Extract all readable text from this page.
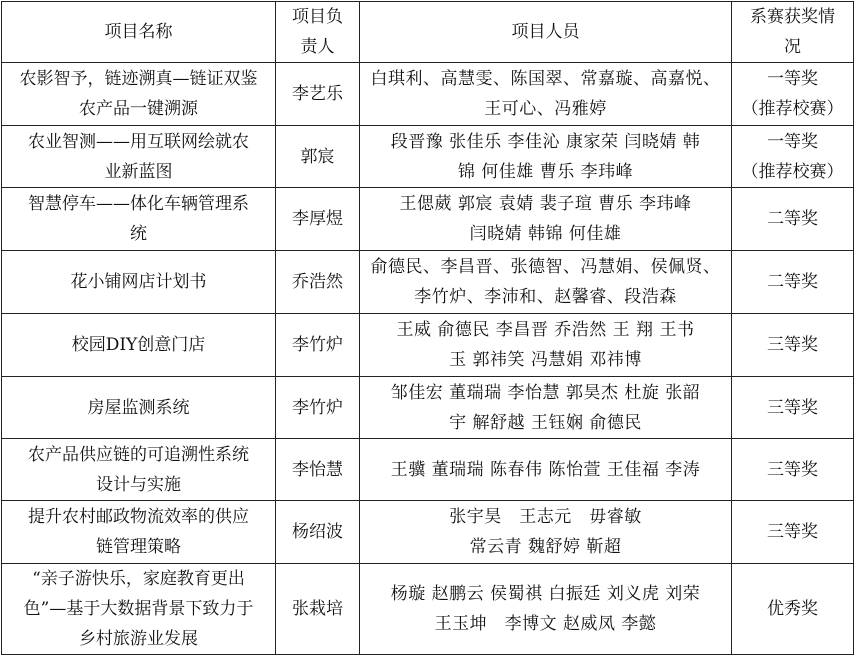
项目名称	项目负责人	项目人员	系赛获奖情况

农影智予，链迹溯真—链证双鉴
农产品一键溯源	李艺乐	白琪利、高慧雯、陈国翠、常嘉璇、高嘉悦、
王可心、冯雅婷	一等奖
（推荐校赛）

农业智测——用互联网绘就农
业新蓝图	郭宸	段晋豫 张佳乐 李佳沁 康家荣 闫晓婧 韩
锦 何佳雄 曹乐 李玮峰	一等奖
（推荐校赛）

智慧停车——体化车辆管理系
统	李厚煜	王偲葳 郭宸 袁婧 裴子瑄 曹乐 李玮峰
闫晓婧 韩锦 何佳雄	二等奖

花小铺网店计划书	乔浩然	俞德民、李昌晋、张德智、冯慧娟、侯佩贤、
李竹炉、李沛和、赵馨睿、段浩森	二等奖

校园DIY创意门店	李竹炉	王威 俞德民 李昌晋 乔浩然 王 翔 王书
玉 郭祎笑 冯慧娟 邓祎博	三等奖

房屋监测系统	李竹炉	邹佳宏 董瑞瑞 李怡慧 郭昊杰 杜旋 张韶
宇 解舒越 王钰娴 俞德民	三等奖

农产品供应链的可追溯性系统
设计与实施	李怡慧	王骥 董瑞瑞 陈春伟 陈怡萱 王佳福 李涛	三等奖

提升农村邮政物流效率的供应
链管理策略	杨绍波	张宇昊　王志元　毋睿敏
常云青 魏舒婷 靳超	三等奖

“亲子游快乐，家庭教育更出
色”—基于大数据背景下致力于
乡村旅游业发展	张栽培	杨璇 赵鹏云 侯蜀祺 白振廷 刘义虎 刘荣
王玉坤　李博文 赵威凤 李懿	优秀奖
